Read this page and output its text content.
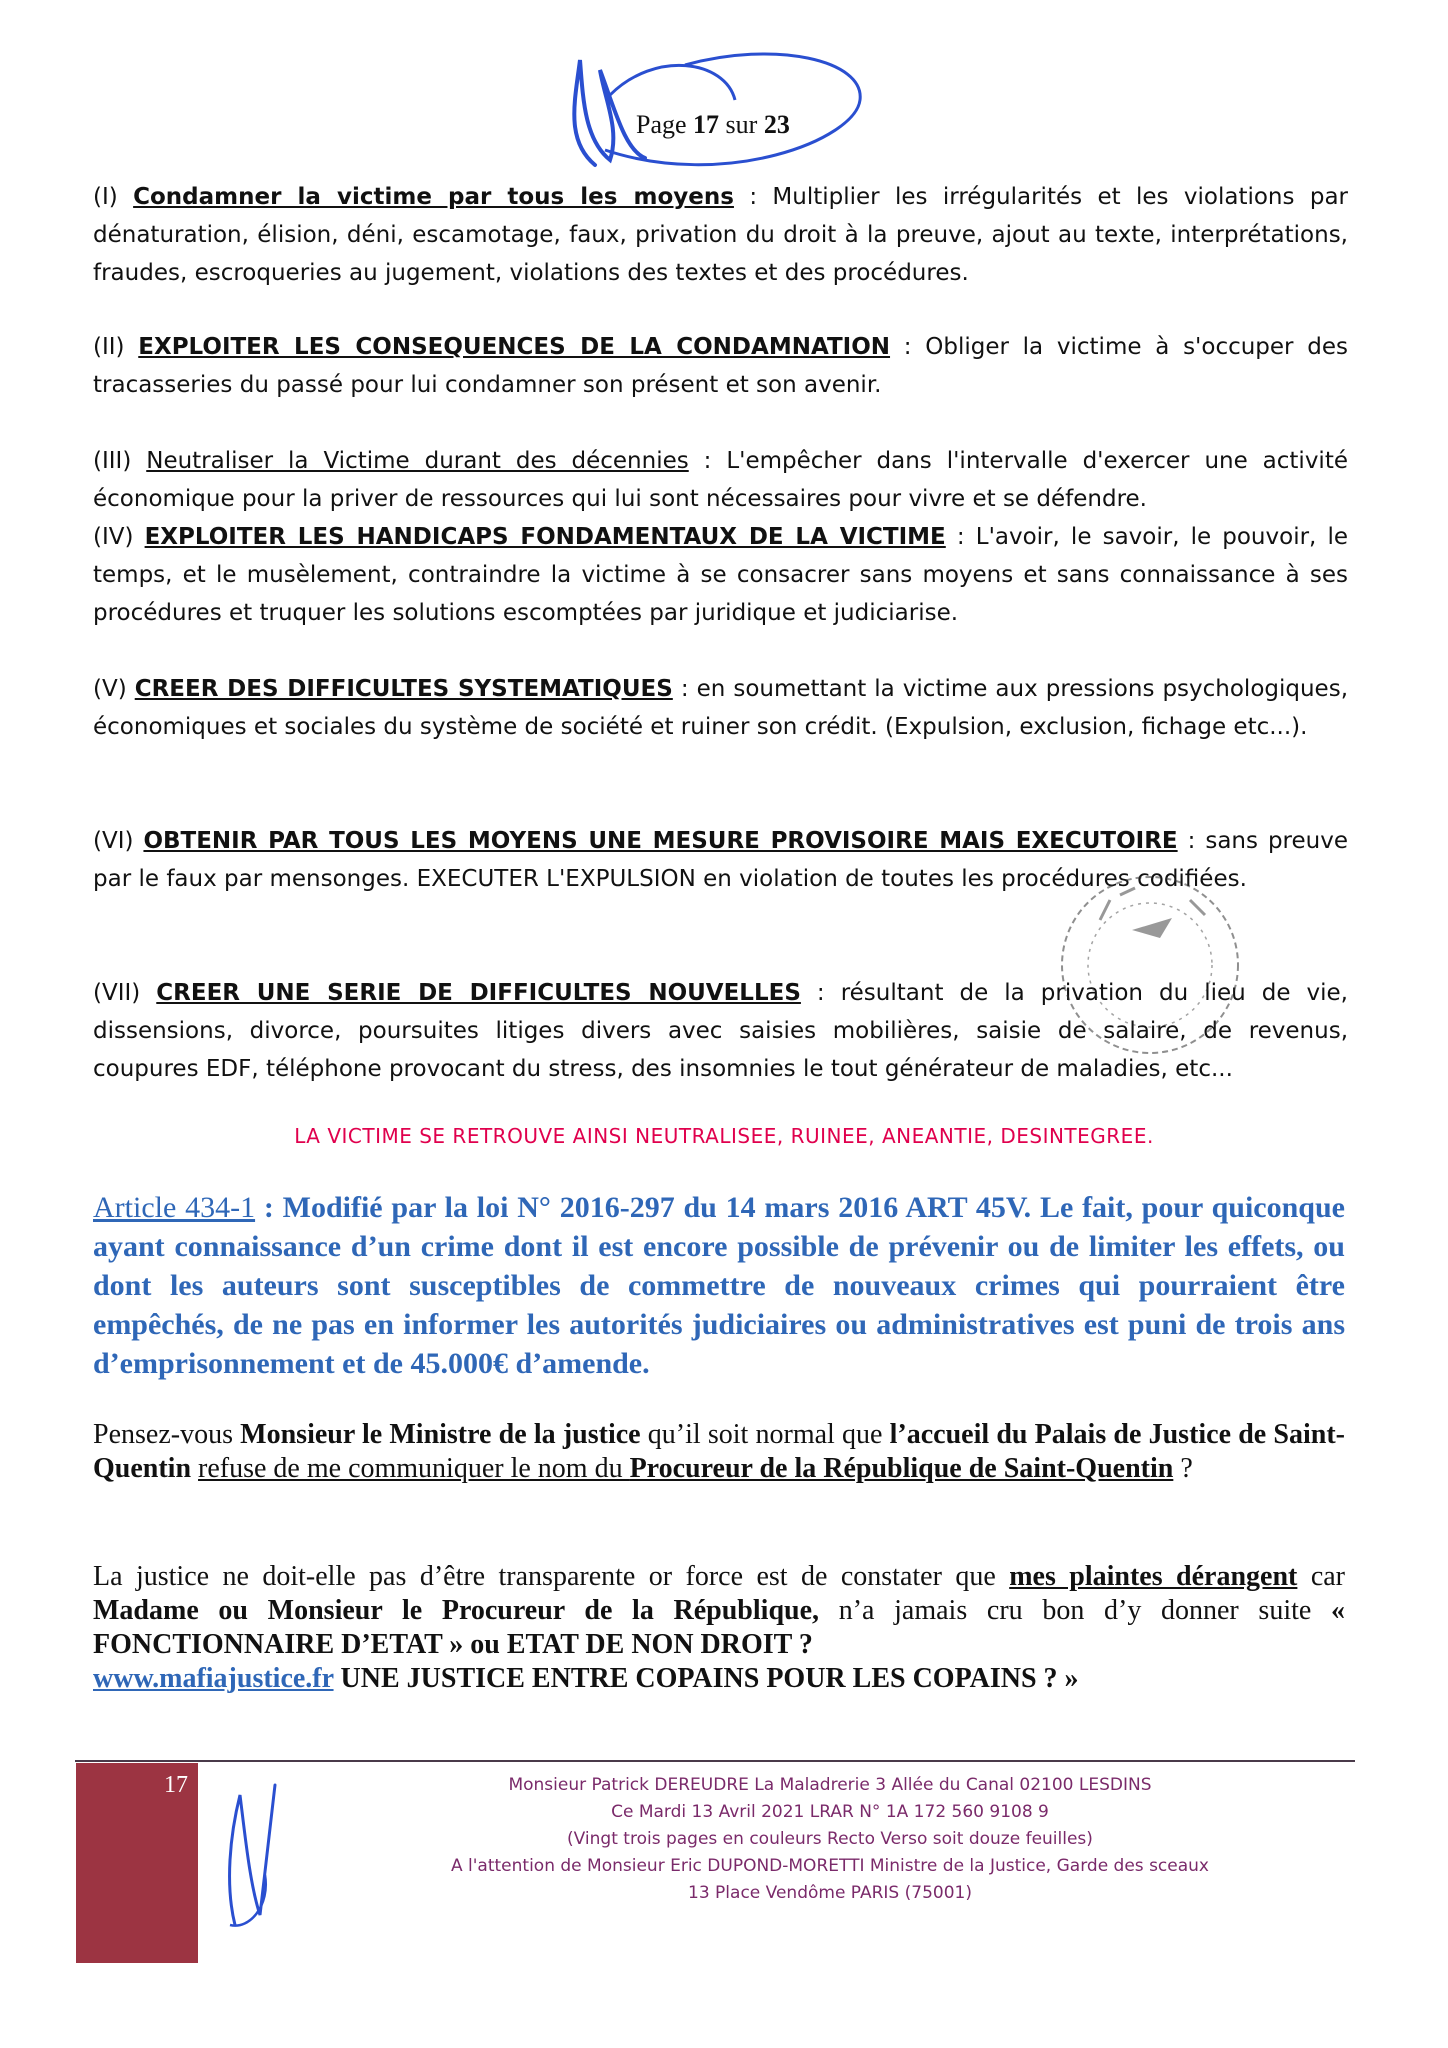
Page 17 sur 23
(I) Condamner la victime par tous les moyens : Multiplier les irrégularités et les violations par dénaturation, élision, déni, escamotage, faux, privation du droit à la preuve, ajout au texte, interprétations, fraudes, escroqueries au jugement, violations des textes et des procédures.
(II) EXPLOITER LES CONSEQUENCES DE LA CONDAMNATION : Obliger la victime à s'occuper des tracasseries du passé pour lui condamner son présent et son avenir.
(III) Neutraliser la Victime durant des décennies : L'empêcher dans l'intervalle d'exercer une activité économique pour la priver de ressources qui lui sont nécessaires pour vivre et se défendre.
(IV) EXPLOITER LES HANDICAPS FONDAMENTAUX DE LA VICTIME : L'avoir, le savoir, le pouvoir, le temps, et le musèlement, contraindre la victime à se consacrer sans moyens et sans connaissance à ses procédures et truquer les solutions escomptées par juridique et judiciarise.
(V) CREER DES DIFFICULTES SYSTEMATIQUES : en soumettant la victime aux pressions psychologiques, économiques et sociales du système de société et ruiner son crédit. (Expulsion, exclusion, fichage etc...).
(VI) OBTENIR PAR TOUS LES MOYENS UNE MESURE PROVISOIRE MAIS EXECUTOIRE : sans preuve par le faux par mensonges. EXECUTER L'EXPULSION en violation de toutes les procédures codifiées.
(VII) CREER UNE SERIE DE DIFFICULTES NOUVELLES : résultant de la privation du lieu de vie, dissensions, divorce, poursuites litiges divers avec saisies mobilières, saisie de salaire, de revenus, coupures EDF, téléphone provocant du stress, des insomnies le tout générateur de maladies, etc...
LA VICTIME SE RETROUVE AINSI NEUTRALISEE, RUINEE, ANEANTIE, DESINTEGREE.
Article 434-1 : Modifié par la loi N° 2016-297 du 14 mars 2016 ART 45V. Le fait, pour quiconque ayant connaissance d’un crime dont il est encore possible de prévenir ou de limiter les effets, ou dont les auteurs sont susceptibles de commettre de nouveaux crimes qui pourraient être empêchés, de ne pas en informer les autorités judiciaires ou administratives est puni de trois ans d’emprisonnement et de 45.000€ d’amende.
Pensez-vous Monsieur le Ministre de la justice qu’il soit normal que l’accueil du Palais de Justice de Saint-Quentin refuse de me communiquer le nom du Procureur de la République de Saint-Quentin ?
La justice ne doit-elle pas d’être transparente or force est de constater que mes plaintes dérangent car Madame ou Monsieur le Procureur de la République, n’a jamais cru bon d’y donner suite « FONCTIONNAIRE D’ETAT » ou ETAT DE NON DROIT ?
www.mafiajustice.fr UNE JUSTICE ENTRE COPAINS POUR LES COPAINS ? »
17	Monsieur Patrick DEREUDRE La Maladrerie 3 Allée du Canal 02100 LESDINS
Ce Mardi 13 Avril 2021 LRAR N° 1A 172 560 9108 9
(Vingt trois pages en couleurs Recto Verso soit douze feuilles)
A l'attention de Monsieur Eric DUPOND-MORETTI Ministre de la Justice, Garde des sceaux
13 Place Vendôme PARIS (75001)
